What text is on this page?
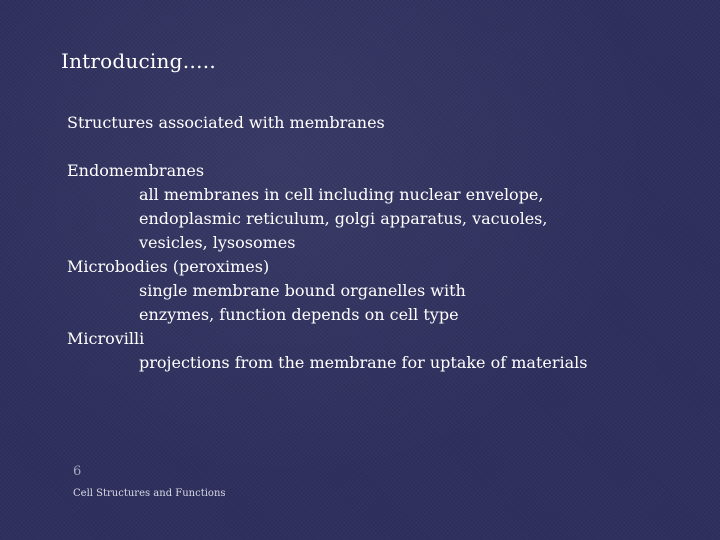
Introducing…..

Structures associated with membranes

Endomembranes

all membranes in cell including nuclear envelope,

endoplasmic reticulum, golgi apparatus, vacuoles,

vesicles, lysosomes

Microbodies (peroximes)

single membrane bound organelles with

enzymes, function depends on cell type

Microvilli

projections from the membrane for uptake of materials

6
Cell Structures and Functions
